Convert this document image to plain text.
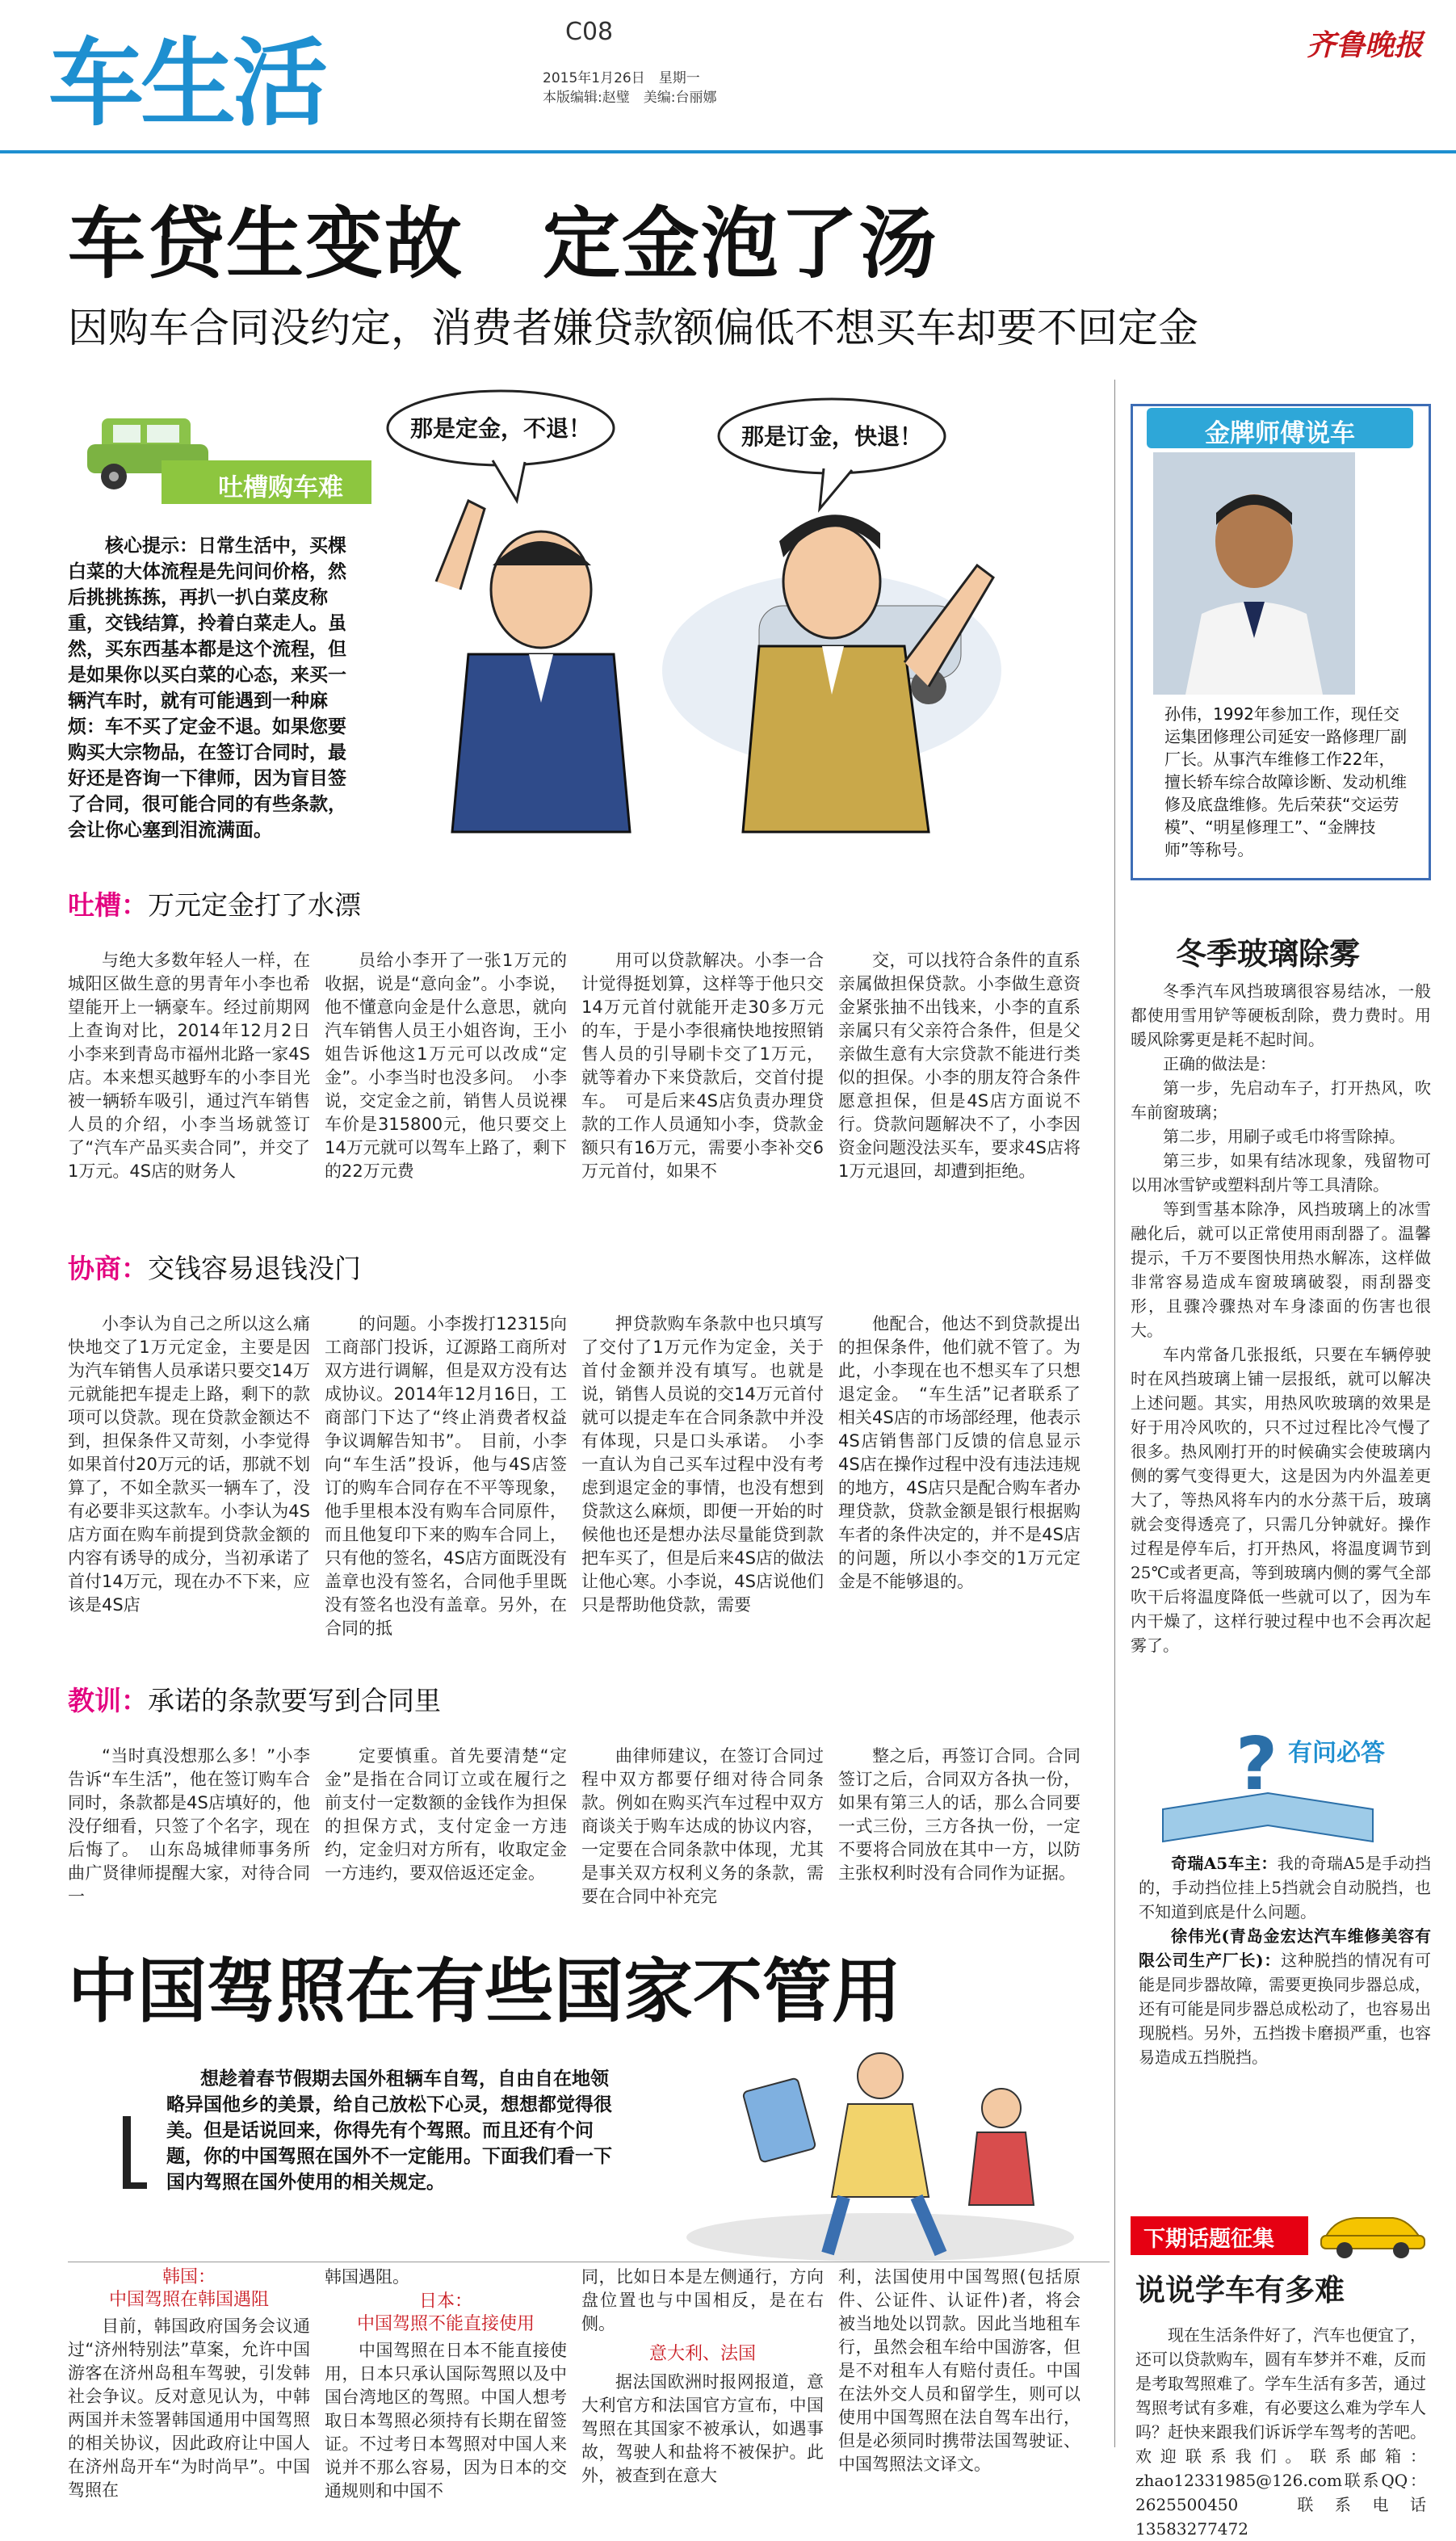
车生活	C08
2015年1月26日　星期一
本版编辑:赵璧　美编:台丽娜
齐鲁晚报
车贷生变故　定金泡了汤
因购车合同没约定，消费者嫌贷款额偏低不想买车却要不回定金
吐槽购车难
核心提示：日常生活中，买棵白菜的大体流程是先问问价格，然后挑挑拣拣，再扒一扒白菜皮称重，交钱结算，拎着白菜走人。虽然，买东西基本都是这个流程，但是如果你以买白菜的心态，来买一辆汽车时，就有可能遇到一种麻烦：车不买了定金不退。如果您要购买大宗物品，在签订合同时，最好还是咨询一下律师，因为盲目签了合同，很可能合同的有些条款，会让你心塞到泪流满面。
那是定金，不退！	那是订金，快退！
吐槽：万元定金打了水漂
与绝大多数年轻人一样，在城阳区做生意的男青年小李也希望能开上一辆豪车。经过前期网上查询对比，2014年12月2日小李来到青岛市福州北路一家4S店。本来想买越野车的小李目光被一辆轿车吸引，通过汽车销售人员的介绍，小李当场就签订了“汽车产品买卖合同”，并交了1万元。4S店的财务人
员给小李开了一张1万元的收据，说是“意向金”。小李说，他不懂意向金是什么意思，就向汽车销售人员王小姐咨询，王小姐告诉他这1万元可以改成“定金”。小李当时也没多问。　小李说，交定金之前，销售人员说裸车价是315800元，他只要交上14万元就可以驾车上路了，剩下的22万元费
用可以贷款解决。小李一合计觉得挺划算，这样等于他只交14万元首付就能开走30多万元的车，于是小李很痛快地按照销售人员的引导刷卡交了1万元，就等着办下来贷款后，交首付提车。　可是后来4S店负责办理贷款的工作人员通知小李，贷款金额只有16万元，需要小李补交6万元首付，如果不
交，可以找符合条件的直系亲属做担保贷款。小李做生意资金紧张抽不出钱来，小李的直系亲属只有父亲符合条件，但是父亲做生意有大宗贷款不能进行类似的担保。小李的朋友符合条件愿意担保，但是4S店方面说不行。贷款问题解决不了，小李因资金问题没法买车，要求4S店将1万元退回，却遭到拒绝。
协商：交钱容易退钱没门
小李认为自己之所以这么痛快地交了1万元定金，主要是因为汽车销售人员承诺只要交14万元就能把车提走上路，剩下的款项可以贷款。现在贷款金额达不到，担保条件又苛刻，小李觉得如果首付20万元的话，那就不划算了，不如全款买一辆车了，没有必要非买这款车。小李认为4S店方面在购车前提到贷款金额的内容有诱导的成分，当初承诺了首付14万元，现在办不下来，应该是4S店
的问题。小李拨打12315向工商部门投诉，辽源路工商所对双方进行调解，但是双方没有达成协议。2014年12月16日，工商部门下达了“终止消费者权益争议调解告知书”。　目前，小李向“车生活”投诉，他与4S店签订的购车合同存在不平等现象，他手里根本没有购车合同原件，而且他复印下来的购车合同上，只有他的签名，4S店方面既没有盖章也没有签名，合同他手里既没有签名也没有盖章。另外，在合同的抵
押贷款购车条款中也只填写了交付了1万元作为定金，关于首付金额并没有填写。也就是说，销售人员说的交14万元首付就可以提走车在合同条款中并没有体现，只是口头承诺。　小李一直认为自己买车过程中没有考虑到退定金的事情，也没有想到贷款这么麻烦，即便一开始的时候他也还是想办法尽量能贷到款把车买了，但是后来4S店的做法让他心寒。小李说，4S店说他们只是帮助他贷款，需要
他配合，他达不到贷款提出的担保条件，他们就不管了。为此，小李现在也不想买车了只想退定金。　“车生活”记者联系了相关4S店的市场部经理，他表示4S店销售部门反馈的信息显示4S店在操作过程中没有违法违规的地方，4S店只是配合购车者办理贷款，贷款金额是银行根据购车者的条件决定的，并不是4S店的问题，所以小李交的1万元定金是不能够退的。
教训：承诺的条款要写到合同里
“当时真没想那么多！”小李告诉“车生活”，他在签订购车合同时，条款都是4S店填好的，他没仔细看，只签了个名字，现在后悔了。　山东岛城律师事务所曲广贤律师提醒大家，对待合同一
定要慎重。首先要清楚“定金”是指在合同订立或在履行之前支付一定数额的金钱作为担保的担保方式，支付定金一方违约，定金归对方所有，收取定金一方违约，要双倍返还定金。
曲律师建议，在签订合同过程中双方都要仔细对待合同条款。例如在购买汽车过程中双方商谈关于购车达成的协议内容，一定要在合同条款中体现，尤其是事关双方权利义务的条款，需要在合同中补充完
整之后，再签订合同。合同签订之后，合同双方各执一份，如果有第三人的话，那么合同要一式三份，三方各执一份，一定不要将合同放在其中一方，以防主张权利时没有合同作为证据。
金牌师傅说车
孙伟，1992年参加工作，现任交运集团修理公司延安一路修理厂副厂长。从事汽车维修工作22年，擅长轿车综合故障诊断、发动机维修及底盘维修。先后荣获“交运劳模”、“明星修理工”、“金牌技师”等称号。
冬季玻璃除雾

冬季汽车风挡玻璃很容易结冰，一般都使用雪用铲等硬板刮除，费力费时。用暖风除雾更是耗不起时间。

正确的做法是：

第一步，先启动车子，打开热风，吹车前窗玻璃；

第二步，用刷子或毛巾将雪除掉。

第三步，如果有结冰现象，残留物可以用冰雪铲或塑料刮片等工具清除。

等到雪基本除净，风挡玻璃上的冰雪融化后，就可以正常使用雨刮器了。温馨提示，千万不要图快用热水解冻，这样做非常容易造成车窗玻璃破裂，雨刮器变形，且骤冷骤热对车身漆面的伤害也很大。

车内常备几张报纸，只要在车辆停驶时在风挡玻璃上铺一层报纸，就可以解决上述问题。其实，用热风吹玻璃的效果是好于用冷风吹的，只不过过程比冷气慢了很多。热风刚打开的时候确实会使玻璃内侧的雾气变得更大，这是因为内外温差更大了，等热风将车内的水分蒸干后，玻璃就会变得透亮了，只需几分钟就好。操作过程是停车后，打开热风，将温度调节到25℃或者更高，等到玻璃内侧的雾气全部吹干后将温度降低一些就可以了，因为车内干燥了，这样行驶过程中也不会再次起雾了。

? 有问必答

奇瑞A5车主：我的奇瑞A5是手动挡的，手动挡位挂上5挡就会自动脱挡，也不知道到底是什么问题。

徐伟光(青岛金宏达汽车维修美容有限公司生产厂长)：这种脱挡的情况有可能是同步器故障，需要更换同步器总成，还有可能是同步器总成松动了，也容易出现脱档。另外，五挡拨卡磨损严重，也容易造成五挡脱挡。

下期话题征集
说说学车有多难
现在生活条件好了，汽车也便宜了，还可以贷款购车，圆有车梦并不难，反而是考取驾照难了。学车生活有多苦，通过驾照考试有多难，有必要这么难为学车人吗？赶快来跟我们诉诉学车驾考的苦吧。欢迎联系我们。联系邮箱：zhao12331985@126.com联系QQ：2625500450　联系电话13583277472
中国驾照在有些国家不管用
想趁着春节假期去国外租辆车自驾，自由自在地领略异国他乡的美景，给自己放松下心灵，想想都觉得很美。但是话说回来，你得先有个驾照。而且还有个问题，你的中国驾照在国外不一定能用。下面我们看一下国内驾照在国外使用的相关规定。
韩国：
中国驾照在韩国遇阻
目前，韩国政府国务会议通过“济州特别法”草案，允许中国游客在济州岛租车驾驶，引发韩社会争议。反对意见认为，中韩两国并未签署韩国通用中国驾照的相关协议，因此政府让中国人在济州岛开车“为时尚早”。中国驾照在
韩国遇阻。
日本：
中国驾照不能直接使用
中国驾照在日本不能直接使用，日本只承认国际驾照以及中国台湾地区的驾照。中国人想考取日本驾照必须持有长期在留签证。不过考日本驾照对中国人来说并不那么容易，因为日本的交通规则和中国不
同，比如日本是左侧通行，方向盘位置也与中国相反，是在右侧。
意大利、法国
据法国欧洲时报网报道，意大利官方和法国官方宣布，中国驾照在其国家不被承认，如遇事故，驾驶人和盐将不被保护。此外，被查到在意大
利，法国使用中国驾照(包括原件、公证件、认证件)者，将会被当地处以罚款。因此当地租车行，虽然会租车给中国游客，但是不对租车人有赔付责任。中国在法外交人员和留学生，则可以使用中国驾照在法自驾车出行，但是必须同时携带法国驾驶证、中国驾照法文译文。
